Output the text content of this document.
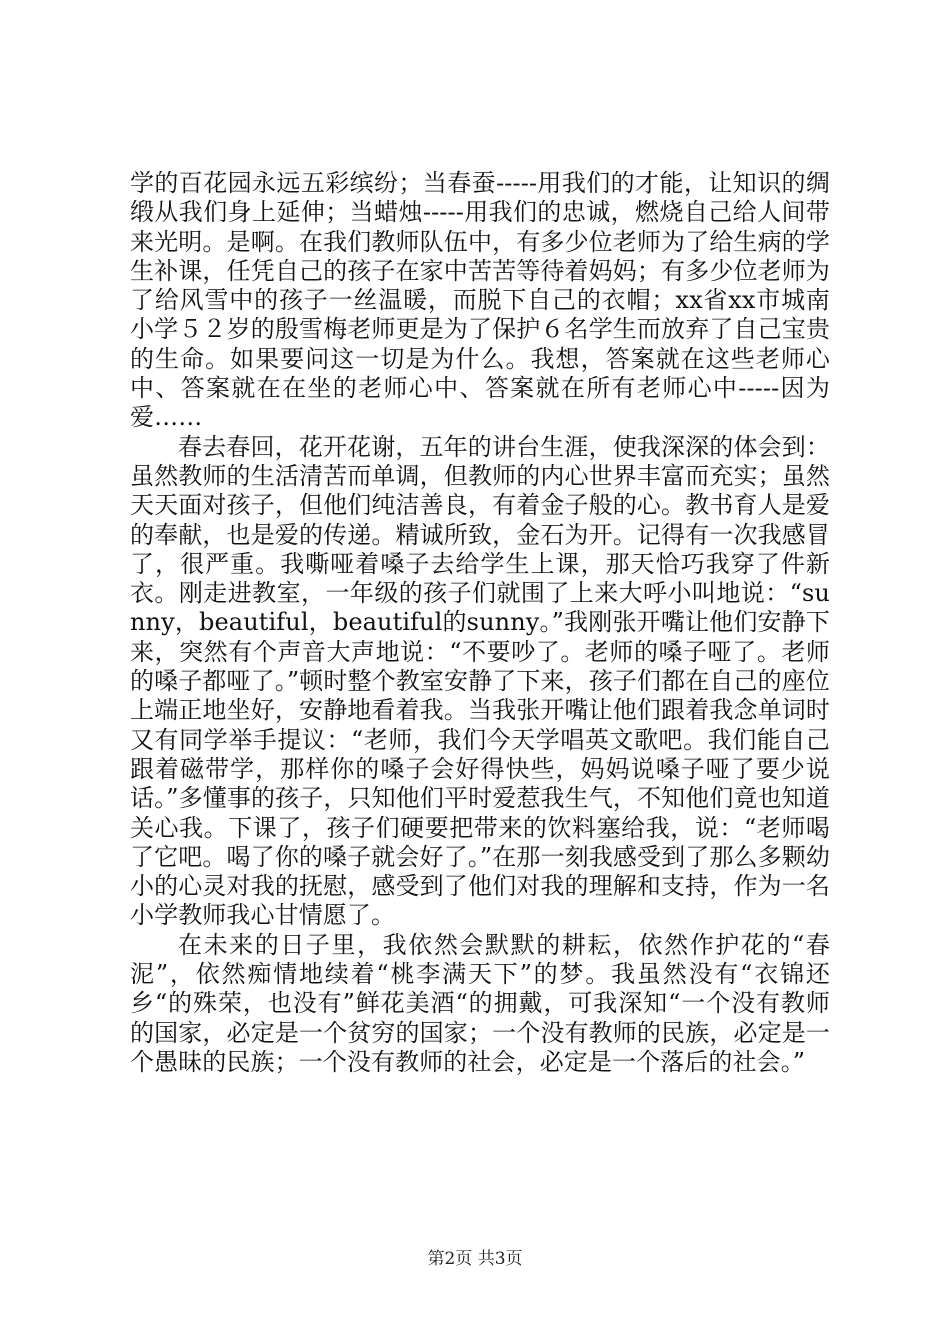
学的百花园永远五彩缤纷；当春蚕-----用我们的才能，让知识的绸缎从我们身上延伸；当蜡烛-----用我们的忠诚，燃烧自己给人间带来光明。是啊。在我们教师队伍中，有多少位老师为了给生病的学生补课，任凭自己的孩子在家中苦苦等待着妈妈；有多少位老师为了给风雪中的孩子一丝温暖，而脱下自己的衣帽；xx省xx市城南小学５２岁的殷雪梅老师更是为了保护６名学生而放弃了自己宝贵的生命。如果要问这一切是为什么。我想，答案就在这些老师心中、答案就在在坐的老师心中、答案就在所有老师心中-----因为爱……

春去春回，花开花谢，五年的讲台生涯，使我深深的体会到：虽然教师的生活清苦而单调，但教师的内心世界丰富而充实；虽然天天面对孩子，但他们纯洁善良，有着金子般的心。教书育人是爱的奉献，也是爱的传递。精诚所致，金石为开。记得有一次我感冒了，很严重。我嘶哑着嗓子去给学生上课，那天恰巧我穿了件新衣。刚走进教室，一年级的孩子们就围了上来大呼小叫地说：“sunny，beautiful，beautiful的sunny。”我刚张开嘴让他们安静下来，突然有个声音大声地说：“不要吵了。老师的嗓子哑了。老师的嗓子都哑了。”顿时整个教室安静了下来，孩子们都在自己的座位上端正地坐好，安静地看着我。当我张开嘴让他们跟着我念单词时又有同学举手提议：“老师，我们今天学唱英文歌吧。我们能自己跟着磁带学，那样你的嗓子会好得快些，妈妈说嗓子哑了要少说话。”多懂事的孩子，只知他们平时爱惹我生气，不知他们竟也知道关心我。下课了，孩子们硬要把带来的饮料塞给我，说：“老师喝了它吧。喝了你的嗓子就会好了。”在那一刻我感受到了那么多颗幼小的心灵对我的抚慰，感受到了他们对我的理解和支持，作为一名小学教师我心甘情愿了。

在未来的日子里，我依然会默默的耕耘，依然作护花的“春泥”，依然痴情地续着“桃李满天下”的梦。我虽然没有“衣锦还乡“的殊荣，也没有”鲜花美酒“的拥戴，可我深知“一个没有教师的国家，必定是一个贫穷的国家；一个没有教师的民族，必定是一个愚昧的民族；一个没有教师的社会，必定是一个落后的社会。”

第2页 共3页
